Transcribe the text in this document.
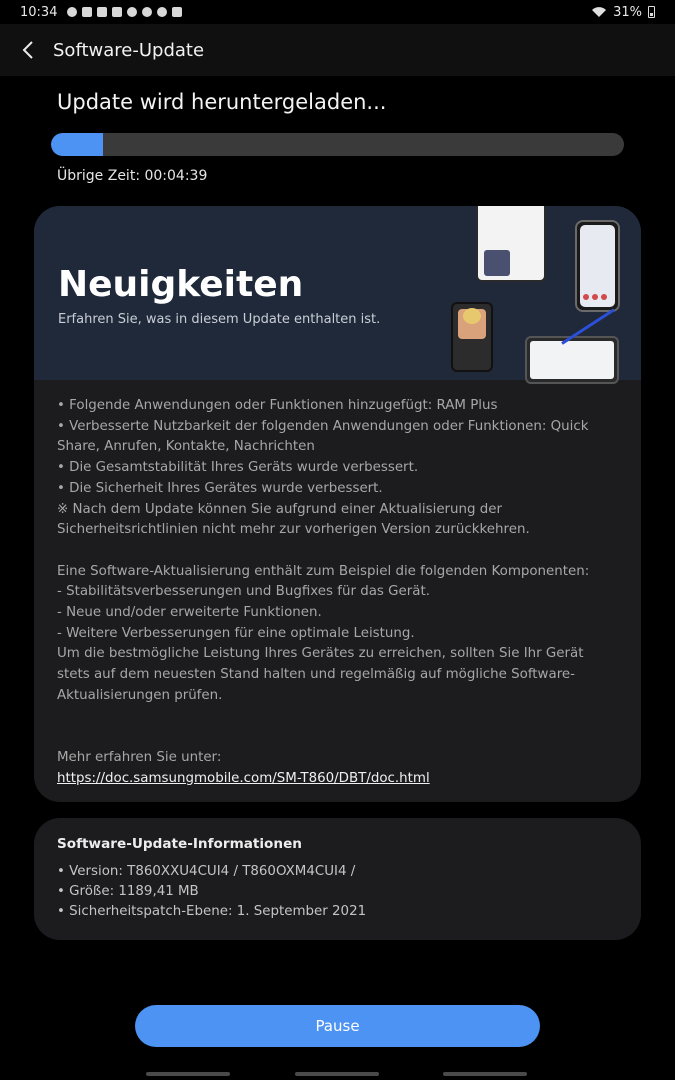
10:34	31%
Software-Update
Update wird heruntergeladen...
Übrige Zeit: 00:04:39
Neuigkeiten
Erfahren Sie, was in diesem Update enthalten ist.
• Folgende Anwendungen oder Funktionen hinzugefügt: RAM Plus
• Verbesserte Nutzbarkeit der folgenden Anwendungen oder Funktionen: Quick Share, Anrufen, Kontakte, Nachrichten
• Die Gesamtstabilität Ihres Geräts wurde verbessert.
• Die Sicherheit Ihres Gerätes wurde verbessert.
※ Nach dem Update können Sie aufgrund einer Aktualisierung der Sicherheitsrichtlinien nicht mehr zur vorherigen Version zurückkehren.
Eine Software-Aktualisierung enthält zum Beispiel die folgenden Komponenten:
- Stabilitätsverbesserungen und Bugfixes für das Gerät.
- Neue und/oder erweiterte Funktionen.
- Weitere Verbesserungen für eine optimale Leistung.
Um die bestmögliche Leistung Ihres Gerätes zu erreichen, sollten Sie Ihr Gerät stets auf dem neuesten Stand halten und regelmäßig auf mögliche Software-Aktualisierungen prüfen.
Mehr erfahren Sie unter:
https://doc.samsungmobile.com/SM-T860/DBT/doc.html
Software-Update-Informationen
• Version: T860XXU4CUI4 / T860OXM4CUI4 /
• Größe: 1189,41 MB
• Sicherheitspatch-Ebene: 1. September 2021
Pause
